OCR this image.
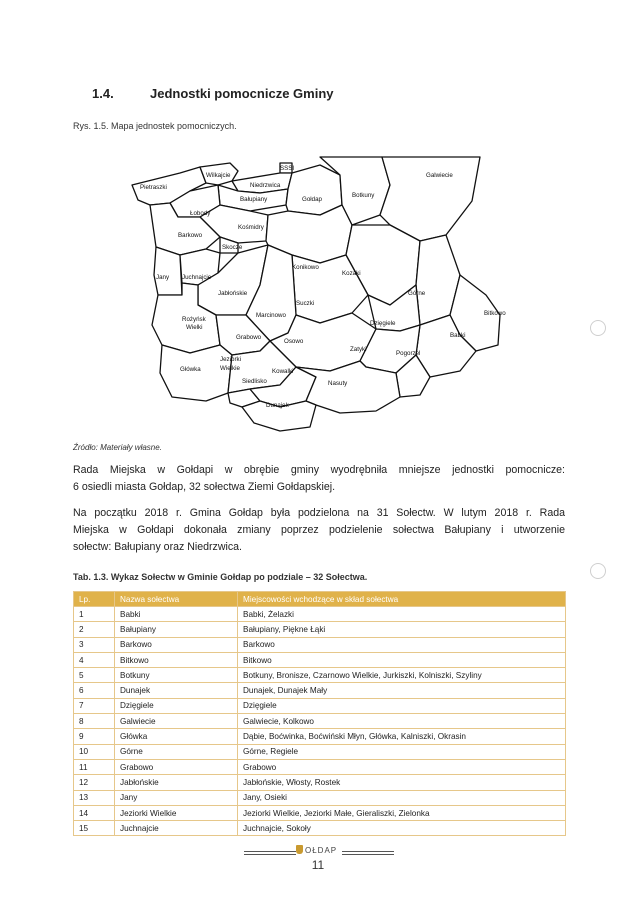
1.4.	Jednostki pomocnicze Gminy
Rys. 1.5. Mapa jednostek pomocniczych.
Pietraszki
Wilkajcie
SSSI
Niedrzwica
Bałupiany	Gołdap
Botkuny
Galwiecie
Łobody
Kośmidry
Barkowo
Skocze
Jany Juchnajcie
Konikowo
Kozaki
Jabłońskie	Górne
Bitkowo
Suczki
Rożyńsk
Wielki
Marcinowo
Dzięgiele
Babki
Grabowo
Osowo
Zatyki
Pogorzel
Jeziorki
Wielkie
Główka
Siedlisko
Kowalki
Nasuty
Dunajek
Źródło: Materiały własne.
Rada Miejska w Gołdapi w obrębie gminy wyodrębniła mniejsze jednostki pomocnicze:
6 osiedli miasta Gołdap, 32 sołectwa Ziemi Gołdapskiej.
Na początku 2018 r. Gmina Gołdap była podzielona na 31 Sołectw. W lutym 2018 r. Rada
Miejska w Gołdapi dokonała zmiany poprzez podzielenie sołectwa Bałupiany i utworzenie
sołectw: Bałupiany oraz Niedrzwica.
Tab. 1.3. Wykaz Sołectw w Gminie Gołdap po podziale – 32 Sołectwa.
Lp.	Nazwa sołectwa	Miejscowości wchodzące w skład sołectwa
1	Babki	Babki, Żelazki
2	Bałupiany	Bałupiany, Piękne Łąki
3	Barkowo	Barkowo
4	Bitkowo	Bitkowo
5	Botkuny	Botkuny, Bronisze, Czarnowo Wielkie, Jurkiszki, Kolniszki, Szyliny
6	Dunajek	Dunajek, Dunajek Mały
7	Dzięgiele	Dzięgiele
8	Galwiecie	Galwiecie, Kolkowo
9	Główka	Dąbie, Boćwinka, Boćwiński Młyn, Główka, Kalniszki, Okrasin
10	Górne	Górne, Regiele
11	Grabowo	Grabowo
12	Jabłońskie	Jabłońskie, Włosty, Rostek
13	Jany	Jany, Osieki
14	Jeziorki Wielkie	Jeziorki Wielkie, Jeziorki Małe, Gieraliszki, Zielonka
15	Juchnajcie	Juchnajcie, Sokoły
OŁDAP
11
